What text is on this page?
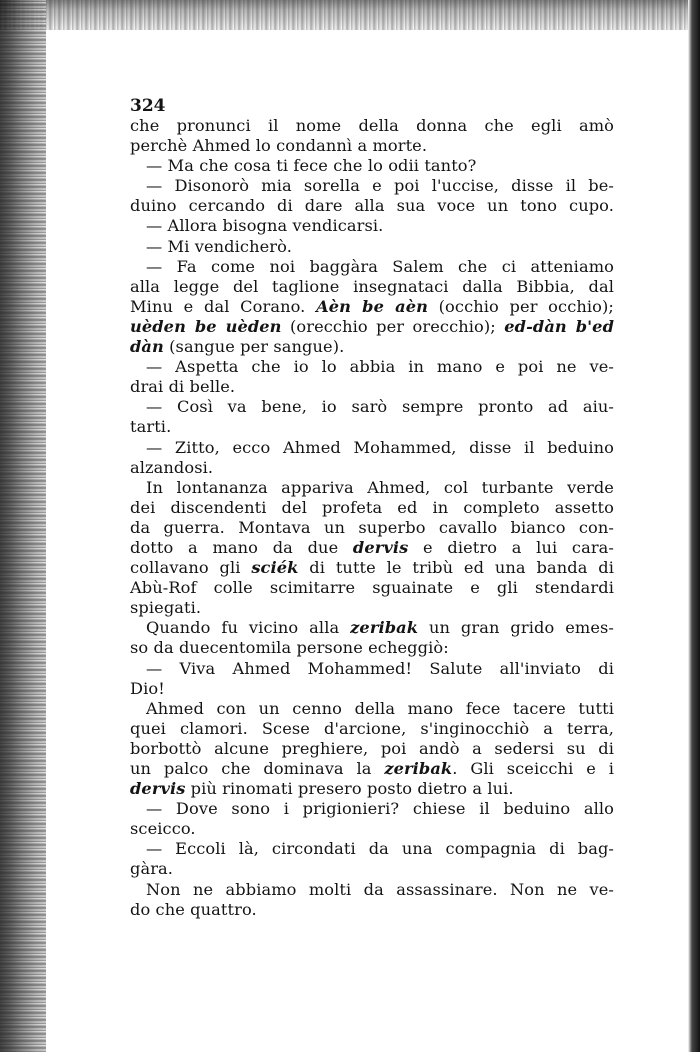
324
che pronunci il nome della donna che egli amò
perchè Ahmed lo condannì a morte.
— Ma che cosa ti fece che lo odii tanto?
— Disonorò mia sorella e poi l'uccise, disse il be-
duino cercando di dare alla sua voce un tono cupo.
— Allora bisogna vendicarsi.
— Mi vendicherò.
— Fa come noi baggàra Salem che ci atteniamo
alla legge del taglione insegnataci dalla Bibbia, dal
Minu e dal Corano. Aèn be aèn (occhio per occhio);
uèden be uèden (orecchio per orecchio); ed-dàn b'ed
dàn (sangue per sangue).
— Aspetta che io lo abbia in mano e poi ne ve-
drai di belle.
— Così va bene, io sarò sempre pronto ad aiu-
tarti.
— Zitto, ecco Ahmed Mohammed, disse il beduino
alzandosi.
In lontananza appariva Ahmed, col turbante verde
dei discendenti del profeta ed in completo assetto
da guerra. Montava un superbo cavallo bianco con-
dotto a mano da due dervis e dietro a lui cara-
collavano gli sciék di tutte le tribù ed una banda di
Abù-Rof colle scimitarre sguainate e gli stendardi
spiegati.
Quando fu vicino alla zeribak un gran grido emes-
so da duecentomila persone echeggiò:
— Viva Ahmed Mohammed! Salute all'inviato di
Dio!
Ahmed con un cenno della mano fece tacere tutti
quei clamori. Scese d'arcione, s'inginocchiò a terra,
borbottò alcune preghiere, poi andò a sedersi su di
un palco che dominava la zeribak. Gli sceicchi e i
dervis più rinomati presero posto dietro a lui.
— Dove sono i prigionieri? chiese il beduino allo
sceicco.
— Eccoli là, circondati da una compagnia di bag-
gàra.
Non ne abbiamo molti da assassinare. Non ne ve-
do che quattro.
